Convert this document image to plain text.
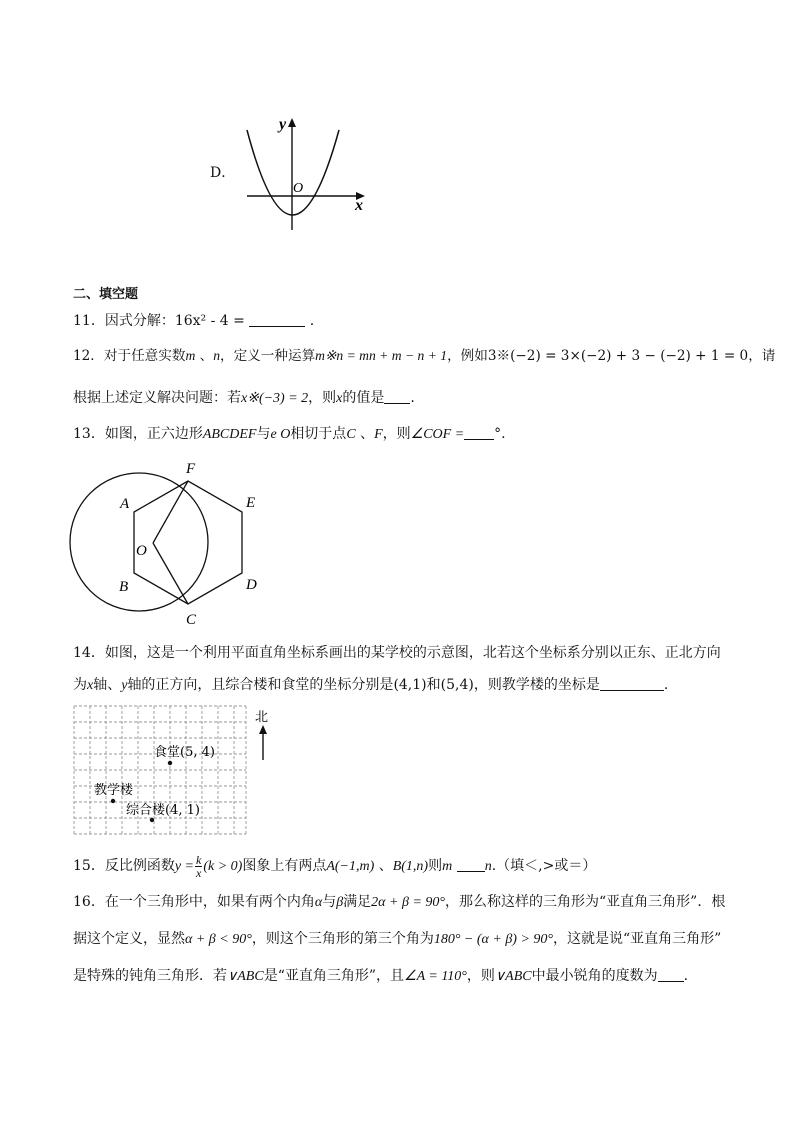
D．
y
x
O
二、填空题
11．因式分解：16x² - 4 =	.
12．对于任意实数m 、n，定义一种运算m※n = mn + m − n + 1，例如3※(−2) = 3×(−2) + 3 − (−2) + 1 = 0，请
根据上述定义解决问题：若x※(−3) = 2，则x的值是 .
13．如图，正六边形ABCDEF与e O相切于点C 、F，则∠COF = °.
F
A	E
O
B	D
C
14．如图，这是一个利用平面直角坐标系画出的某学校的示意图，北若这个坐标系分别以正东、正北方向
为x轴、y轴的正方向，且综合楼和食堂的坐标分别是(4,1)和(5,4)，则教学楼的坐标是	.
北
食堂(5, 4)
教学楼
综合楼(4, 1)
15．反比例函数$y = \frac{k}{x} (k > 0)$图象上有两点A(−1,m) 、B(1,n)则m n.（填＜,>或＝）
16．在一个三角形中，如果有两个内角α与β满足2α + β = 90°，那么称这样的三角形为“亚直角三角形”．根
据这个定义，显然α + β < 90°，则这个三角形的第三个角为180° − (α + β) > 90°，这就是说“亚直角三角形”
是特殊的钝角三角形．若∨ABC是“亚直角三角形”，且∠A = 110°，则∨ABC中最小锐角的度数为 .
